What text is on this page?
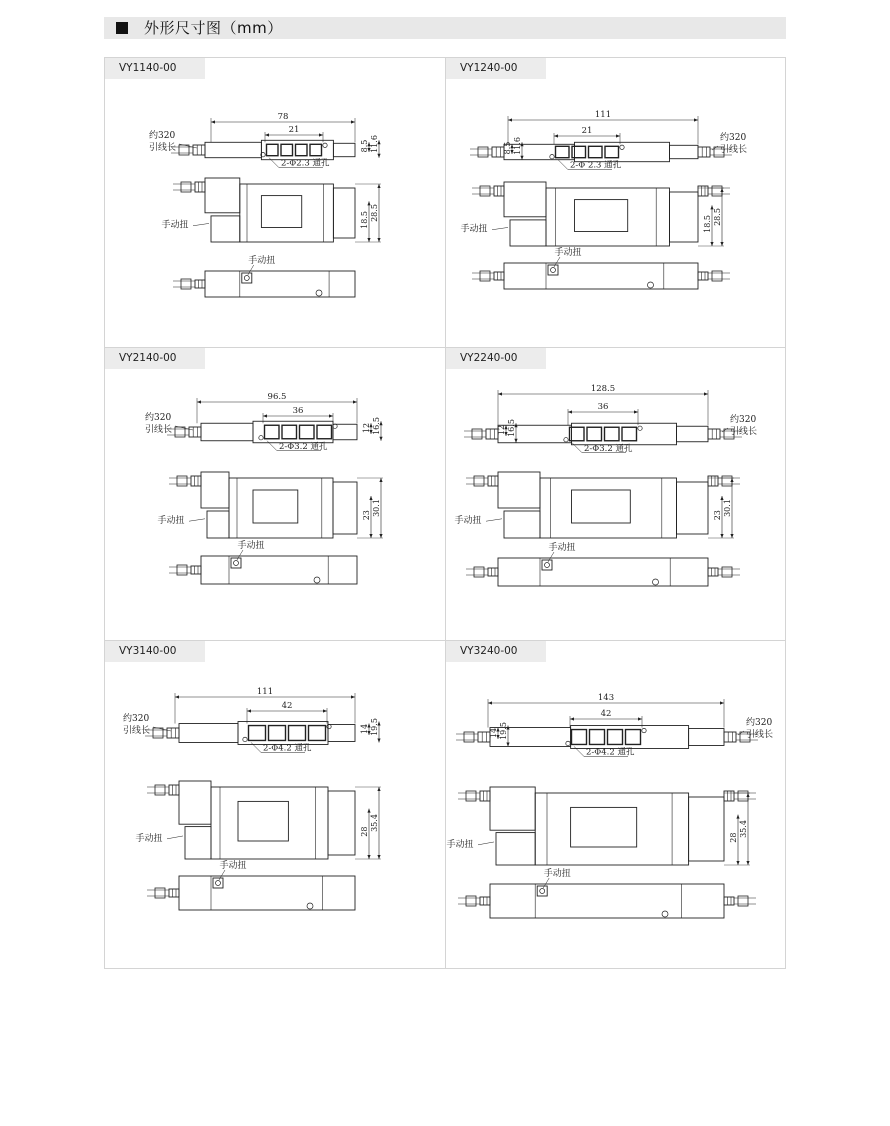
外形尺寸图（mm）
VY1140-00	VY1240-00
VY2140-00	VY2240-00
VY3140-00	VY3240-00
78
21
8.5 11.6
2-Φ2.3 通孔
约320
引线长
手动扭	18.5 28.5
手动扭
111
21
8.5 11.6
2-Φ 2.3 通孔
约320
引线长
手动扭	18.5 28.5
手动扭
96.5
36
12 16.5
2-Φ3.2 通孔
约320
引线长
手动扭
23 30.1
手动扭
128.5
36
12 16.5
2-Φ3.2 通孔
约320
引线长
手动扭
23 30.1
手动扭
111
42
14 19.5
2-Φ4.2 通孔
约320
引线长
手动扭
28 35.4
手动扭
143
42
14 19.5
2-Φ4.2 通孔
约320
引线长
手动扭
28 35.4
手动扭
